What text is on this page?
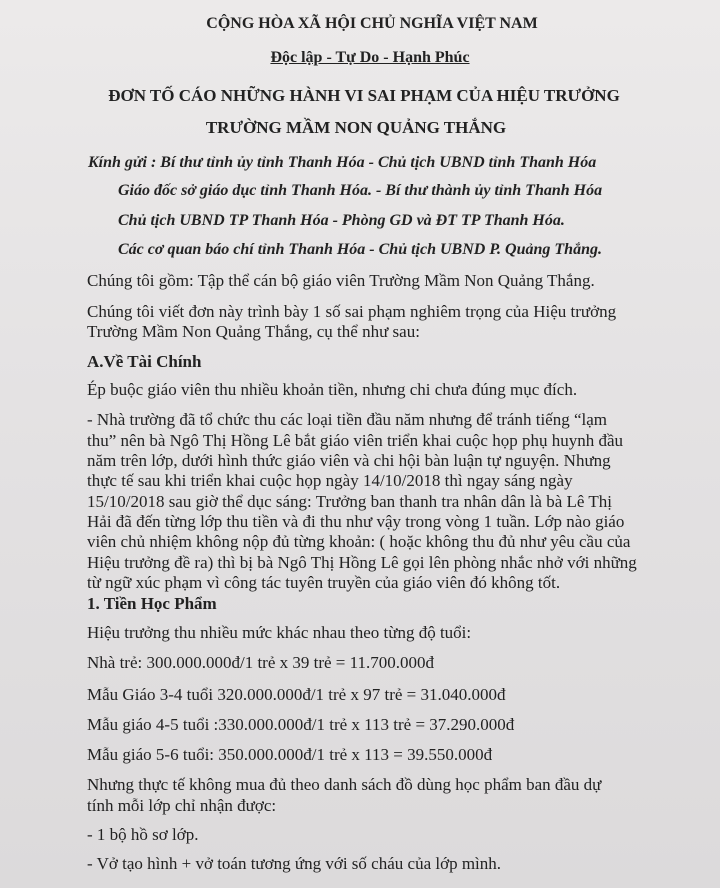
CỘNG HÒA XÃ HỘI CHỦ NGHĨA VIỆT NAM
Độc lập - Tự Do - Hạnh Phúc
ĐƠN TỐ CÁO NHỮNG HÀNH VI SAI PHẠM CỦA HIỆU TRƯỞNG
TRƯỜNG MẦM NON QUẢNG THẮNG
Kính gửi : Bí thư tỉnh ủy tỉnh Thanh Hóa - Chủ tịch UBND tỉnh Thanh Hóa
Giáo đốc sở giáo dục tỉnh Thanh Hóa. - Bí thư thành ủy tỉnh Thanh Hóa
Chủ tịch UBND TP Thanh Hóa - Phòng GD và ĐT TP Thanh Hóa.
Các cơ quan báo chí tỉnh Thanh Hóa - Chủ tịch UBND P. Quảng Thắng.
Chúng tôi gồm: Tập thể cán bộ giáo viên Trường Mầm Non Quảng Thắng.
Chúng tôi viết đơn này trình bày 1 số sai phạm nghiêm trọng của Hiệu trưởng
Trường Mầm Non Quảng Thắng, cụ thể như sau:
A.Về Tài Chính
Ép buộc giáo viên thu nhiều khoản tiền, nhưng chi chưa đúng mục đích.
- Nhà trường đã tổ chức thu các loại tiền đầu năm nhưng để tránh tiếng “lạm
thu” nên bà Ngô Thị Hồng Lê bắt giáo viên triển khai cuộc họp phụ huynh đầu
năm trên lớp, dưới hình thức giáo viên và chi hội bàn luận tự nguyện. Nhưng
thực tế sau khi triển khai cuộc họp ngày 14/10/2018 thì ngay sáng ngày
15/10/2018 sau giờ thể dục sáng: Trưởng ban thanh tra nhân dân là bà Lê Thị
Hải đã đến từng lớp thu tiền và đi thu như vậy trong vòng 1 tuần. Lớp nào giáo
viên chủ nhiệm không nộp đủ từng khoản: ( hoặc không thu đủ như yêu cầu của
Hiệu trưởng đề ra) thì bị bà Ngô Thị Hồng Lê gọi lên phòng nhắc nhở với những
từ ngữ xúc phạm vì công tác tuyên truyền của giáo viên đó không tốt.
1. Tiền Học Phẩm
Hiệu trưởng thu nhiều mức khác nhau theo từng độ tuổi:
Nhà trẻ: 300.000.000đ/1 trẻ x 39 trẻ = 11.700.000đ
Mẫu Giáo 3-4 tuổi 320.000.000đ/1 trẻ x 97 trẻ = 31.040.000đ
Mẫu giáo 4-5 tuổi :330.000.000đ/1 trẻ x 113 trẻ = 37.290.000đ
Mẫu giáo 5-6 tuổi: 350.000.000đ/1 trẻ x 113 = 39.550.000đ
Nhưng thực tế không mua đủ theo danh sách đồ dùng học phẩm ban đầu dự
tính mỗi lớp chỉ nhận được:
- 1 bộ hồ sơ lớp.
- Vở tạo hình + vở toán tương ứng với số cháu của lớp mình.
